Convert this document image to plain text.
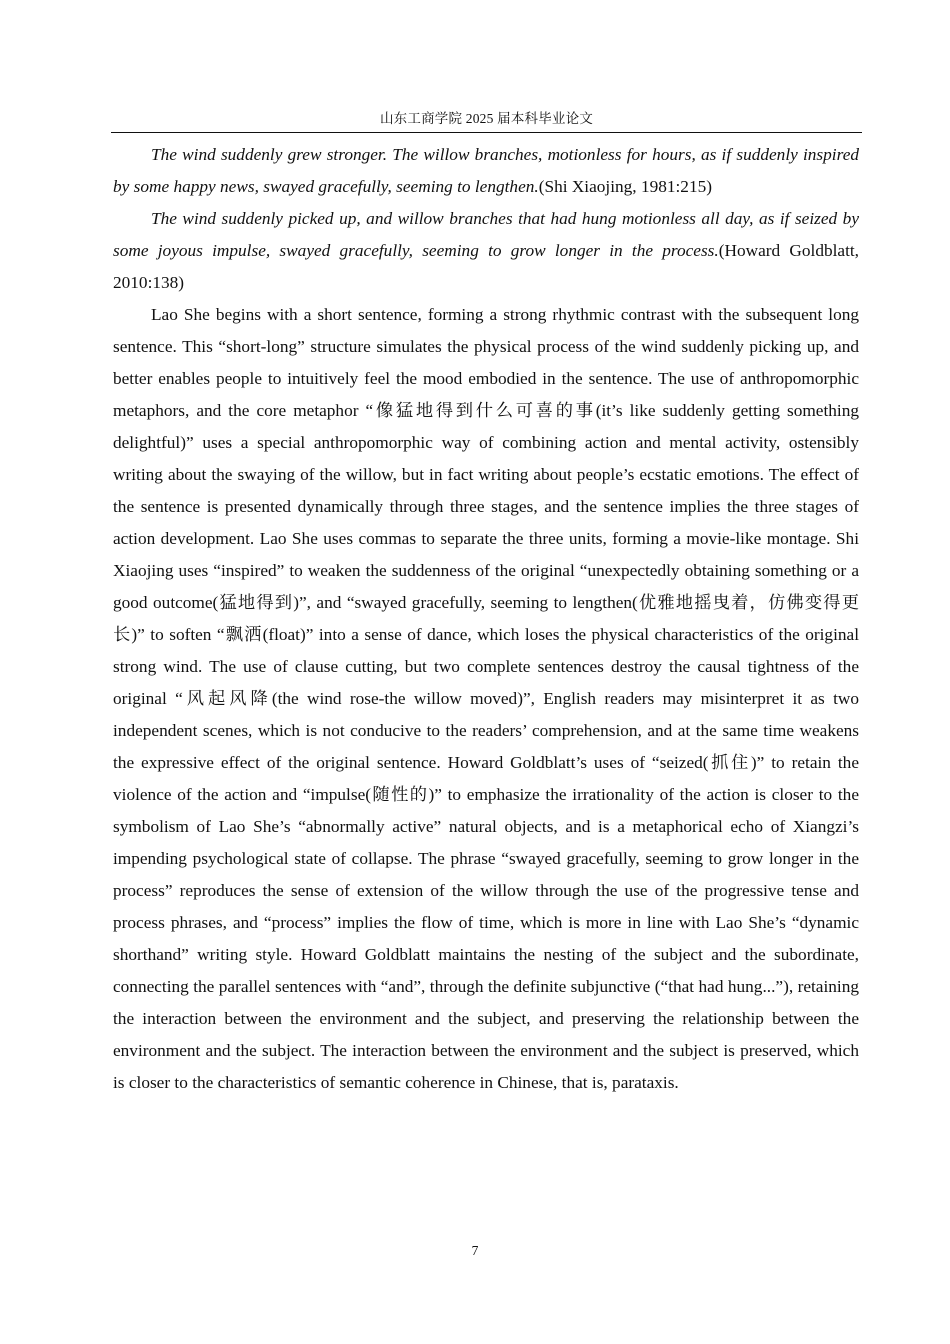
山东工商学院 2025 届本科毕业论文

The wind suddenly grew stronger. The willow branches, motionless for hours, as if suddenly inspired by some happy news, swayed gracefully, seeming to lengthen.(Shi Xiaojing, 1981:215)

The wind suddenly picked up, and willow branches that had hung motionless all day, as if seized by some joyous impulse, swayed gracefully, seeming to grow longer in the process.(Howard Goldblatt, 2010:138)

Lao She begins with a short sentence, forming a strong rhythmic contrast with the subsequent long sentence. This “short-long” structure simulates the physical process of the wind suddenly picking up, and better enables people to intuitively feel the mood embodied in the sentence. The use of anthropomorphic metaphors, and the core metaphor “像猛地得到什么可喜的事(it’s like suddenly getting something delightful)” uses a special anthropomorphic way of combining action and mental activity, ostensibly writing about the swaying of the willow, but in fact writing about people’s ecstatic emotions. The effect of the sentence is presented dynamically through three stages, and the sentence implies the three stages of action development. Lao She uses commas to separate the three units, forming a movie-like montage. Shi Xiaojing uses “inspired” to weaken the suddenness of the original “unexpectedly obtaining something or a good outcome(猛地得到)”, and “swayed gracefully, seeming to lengthen(优雅地摇曳着，仿佛变得更长)” to soften “飘洒(float)” into a sense of dance, which loses the physical characteristics of the original strong wind. The use of clause cutting, but two complete sentences destroy the causal tightness of the original “风起风降(the wind rose-the willow moved)”, English readers may misinterpret it as two independent scenes, which is not conducive to the readers’ comprehension, and at the same time weakens the expressive effect of the original sentence. Howard Goldblatt’s uses of “seized(抓住)” to retain the violence of the action and “impulse(随性的)” to emphasize the irrationality of the action is closer to the symbolism of Lao She’s “abnormally active” natural objects, and is a metaphorical echo of Xiangzi’s impending psychological state of collapse. The phrase “swayed gracefully, seeming to grow longer in the process” reproduces the sense of extension of the willow through the use of the progressive tense and process phrases, and “process” implies the flow of time, which is more in line with Lao She’s “dynamic shorthand” writing style. Howard Goldblatt maintains the nesting of the subject and the subordinate, connecting the parallel sentences with “and”, through the definite subjunctive (“that had hung...”), retaining the interaction between the environment and the subject, and preserving the relationship between the environment and the subject. The interaction between the environment and the subject is preserved, which is closer to the characteristics of semantic coherence in Chinese, that is, parataxis.

7
